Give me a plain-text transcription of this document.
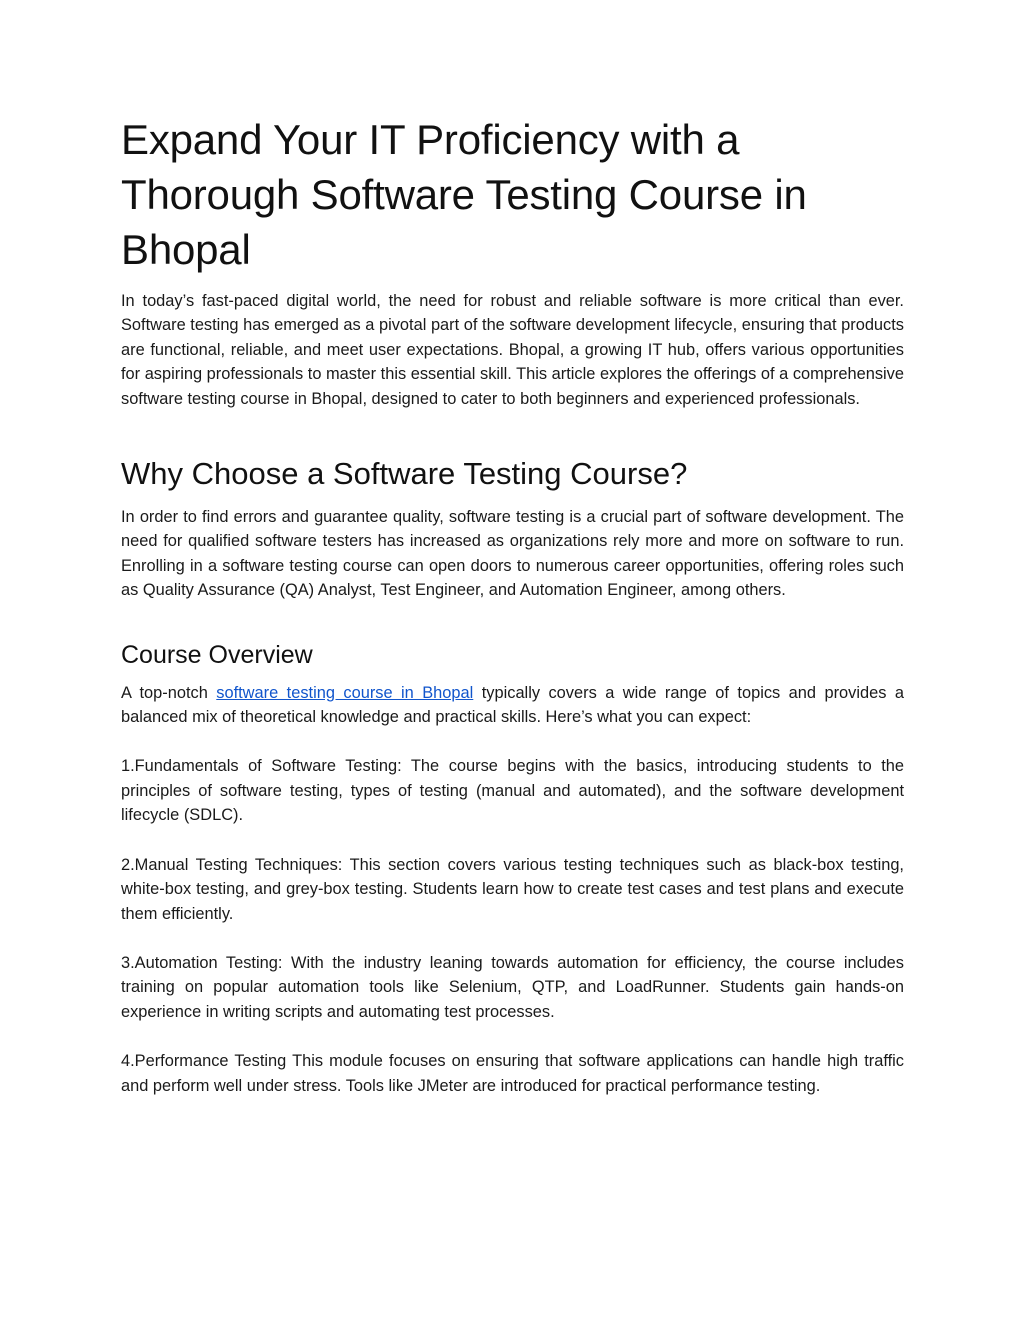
Expand Your IT Proficiency with a Thorough Software Testing Course in Bhopal

In today’s fast-paced digital world, the need for robust and reliable software is more critical than ever. Software testing has emerged as a pivotal part of the software development lifecycle, ensuring that products are functional, reliable, and meet user expectations. Bhopal, a growing IT hub, offers various opportunities for aspiring professionals to master this essential skill. This article explores the offerings of a comprehensive software testing course in Bhopal, designed to cater to both beginners and experienced professionals.

Why Choose a Software Testing Course?

In order to find errors and guarantee quality, software testing is a crucial part of software development. The need for qualified software testers has increased as organizations rely more and more on software to run. Enrolling in a software testing course can open doors to numerous career opportunities, offering roles such as Quality Assurance (QA) Analyst, Test Engineer, and Automation Engineer, among others.

Course Overview

A top-notch software testing course in Bhopal typically covers a wide range of topics and provides a balanced mix of theoretical knowledge and practical skills. Here’s what you can expect:

1.Fundamentals of Software Testing: The course begins with the basics, introducing students to the principles of software testing, types of testing (manual and automated), and the software development lifecycle (SDLC).

2.Manual Testing Techniques: This section covers various testing techniques such as black-box testing, white-box testing, and grey-box testing. Students learn how to create test cases and test plans and execute them efficiently.

3.Automation Testing: With the industry leaning towards automation for efficiency, the course includes training on popular automation tools like Selenium, QTP, and LoadRunner. Students gain hands-on experience in writing scripts and automating test processes.

4.Performance Testing This module focuses on ensuring that software applications can handle high traffic and perform well under stress. Tools like JMeter are introduced for practical performance testing.
